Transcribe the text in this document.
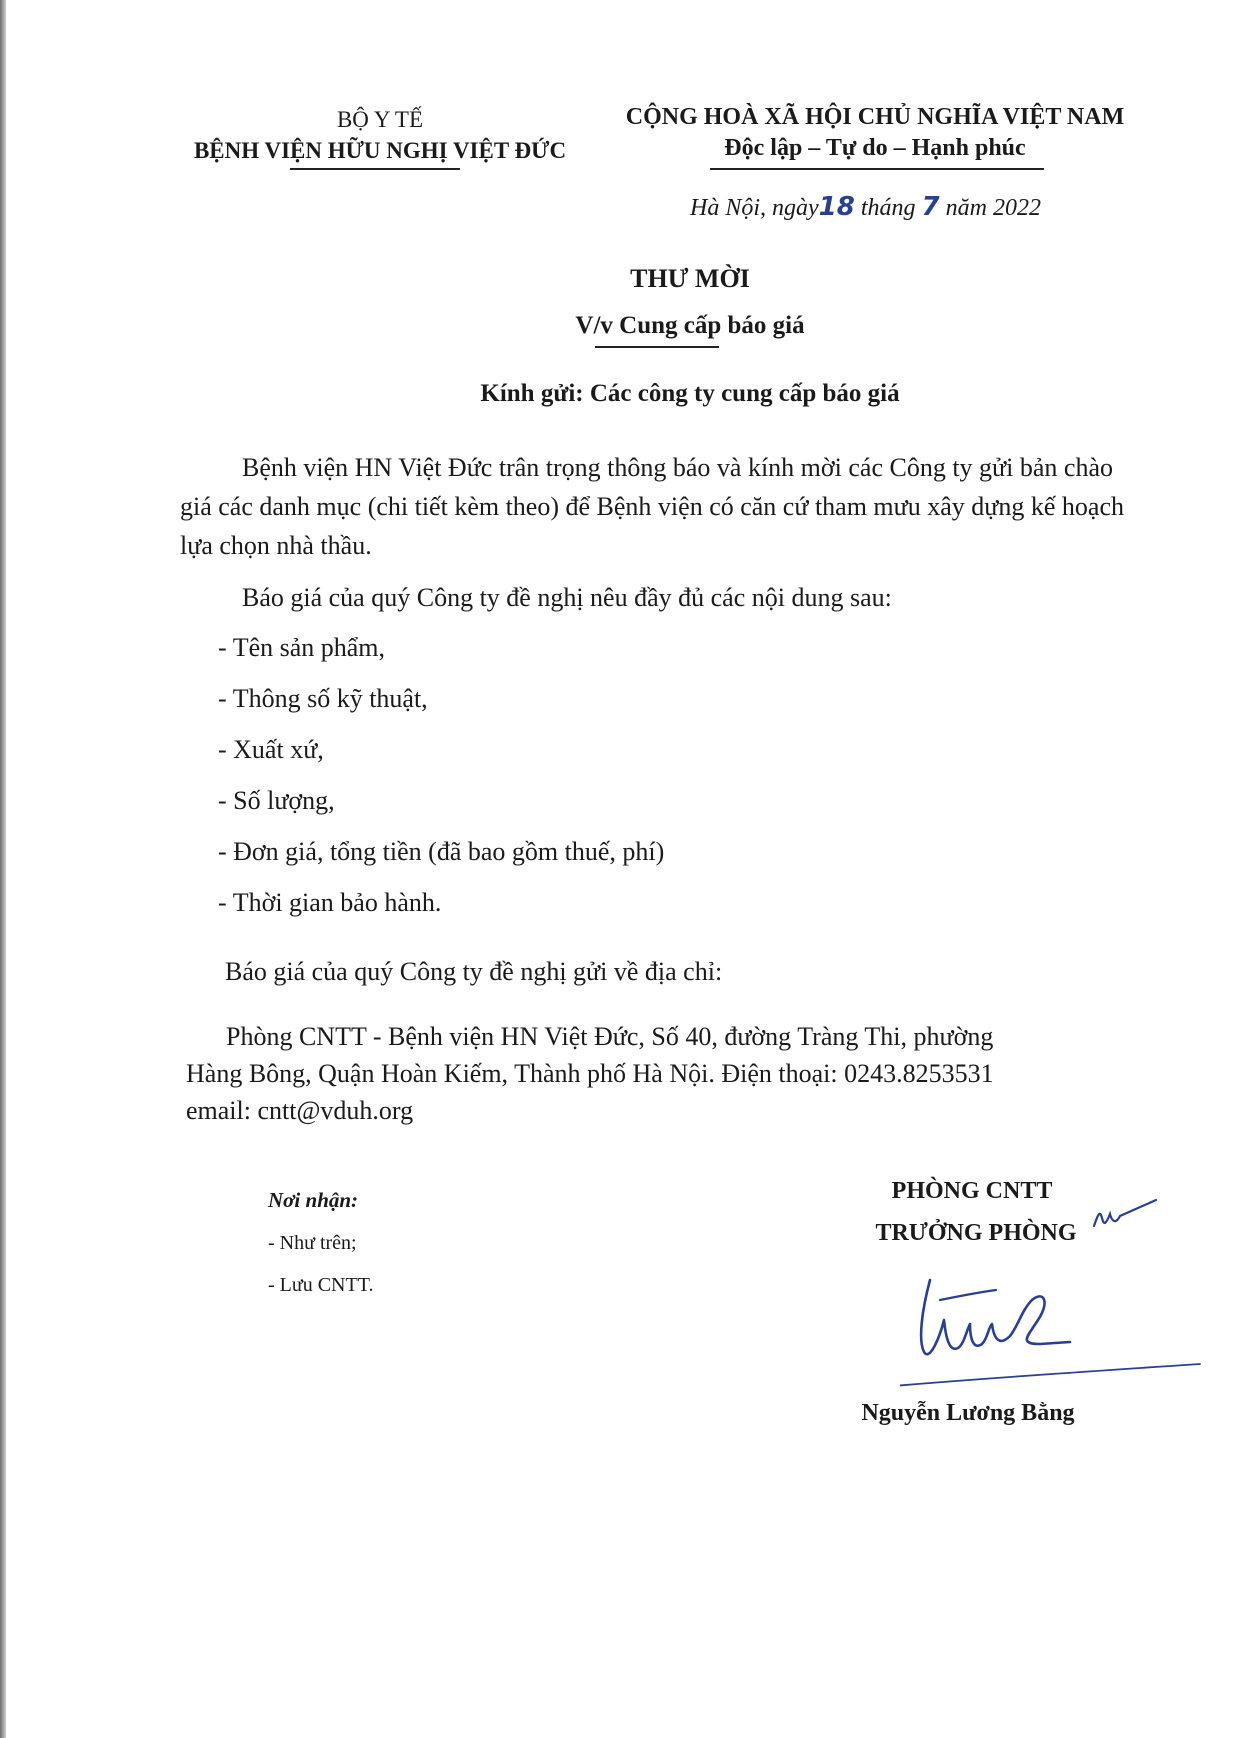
BỘ Y TẾ
BỆNH VIỆN HỮU NGHỊ VIỆT ĐỨC
CỘNG HOÀ XÃ HỘI CHỦ NGHĨA VIỆT NAM
Độc lập – Tự do – Hạnh phúc
Hà Nội, ngày18 tháng 7 năm 2022
THƯ MỜI
V/v Cung cấp báo giá
Kính gửi: Các công ty cung cấp báo giá
Bệnh viện HN Việt Đức trân trọng thông báo và kính mời các Công ty gửi bản chào giá các danh mục (chi tiết kèm theo) để Bệnh viện có căn cứ tham mưu xây dựng kế hoạch lựa chọn nhà thầu.
Báo giá của quý Công ty đề nghị nêu đầy đủ các nội dung sau:
- Tên sản phẩm,
- Thông số kỹ thuật,
- Xuất xứ,
- Số lượng,
- Đơn giá, tổng tiền (đã bao gồm thuế, phí)
- Thời gian bảo hành.
Báo giá của quý Công ty đề nghị gửi về địa chỉ:
Phòng CNTT - Bệnh viện HN Việt Đức, Số 40, đường Tràng Thi, phường
Hàng Bông, Quận Hoàn Kiếm, Thành phố Hà Nội. Điện thoại: 0243.8253531
email: cntt@vduh.org
Nơi nhận:
- Như trên;
- Lưu CNTT.
PHÒNG CNTT
TRƯỞNG PHÒNG
Nguyễn Lương Bằng
